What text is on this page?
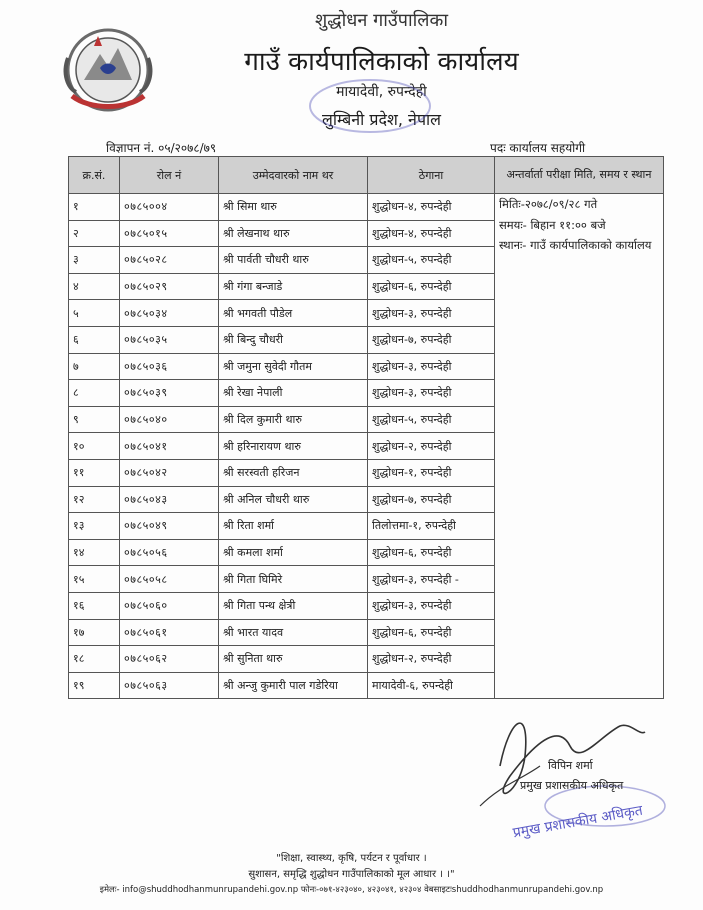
शुद्धोधन गाउँपालिका
गाउँ कार्यपालिकाको कार्यालय
मायादेवी, रुपन्देही
लुम्बिनी प्रदेश, नेपाल
विज्ञापन नं. ०५/२०७८/७९	पदः कार्यालय सहयोगी
क्र.सं.	रोल नं	उम्मेदवारको नाम थर	ठेगाना	अन्तर्वार्ता परीक्षा मिति, समय र स्थान
१	०७८५००४	श्री सिमा थारु	शुद्धोधन-४, रुपन्देही	मितिः-२०७८/०९/२८ गते
समयः- बिहान ११:०० बजे
स्थानः- गाउँ कार्यपालिकाको कार्यालय

२	०७८५०१५	श्री लेखनाथ थारु	शुद्धोधन-४, रुपन्देही	
३	०७८५०२८	श्री पार्वती चौधरी थारु	शुद्धोधन-५, रुपन्देही	
४	०७८५०२९	श्री गंगा बन्जाडे	शुद्धोधन-६, रुपन्देही	
५	०७८५०३४	श्री भगवती पौडेल	शुद्धोधन-३, रुपन्देही	
६	०७८५०३५	श्री बिन्दु चौधरी	शुद्धोधन-७, रुपन्देही	
७	०७८५०३६	श्री जमुना सुवेदी गौतम	शुद्धोधन-३, रुपन्देही	
८	०७८५०३९	श्री रेखा नेपाली	शुद्धोधन-३, रुपन्देही	
९	०७८५०४०	श्री दिल कुमारी थारु	शुद्धोधन-५, रुपन्देही	
१०	०७८५०४१	श्री हरिनारायण थारु	शुद्धोधन-२, रुपन्देही	
११	०७८५०४२	श्री सरस्वती हरिजन	शुद्धोधन-१, रुपन्देही	
१२	०७८५०४३	श्री अनिल चौधरी थारु	शुद्धोधन-७, रुपन्देही	
१३	०७८५०४९	श्री रिता शर्मा	तिलोत्तमा-१, रुपन्देही	
१४	०७८५०५६	श्री कमला शर्मा	शुद्धोधन-६, रुपन्देही	
१५	०७८५०५८	श्री गिता घिमिरे	शुद्धोधन-३, रुपन्देही -	
१६	०७८५०६०	श्री गिता पन्थ क्षेत्री	शुद्धोधन-३, रुपन्देही	
१७	०७८५०६१	श्री भारत यादव	शुद्धोधन-६, रुपन्देही	
१८	०७८५०६२	श्री सुनिता थारु	शुद्धोधन-२, रुपन्देही	
१९	०७८५०६३	श्री अन्जु कुमारी पाल गडेरिया	मायादेवी-६, रुपन्देही	
विपिन शर्मा
प्रमुख प्रशासकीय अधिकृत
प्रमुख प्रशासकीय अधिकृत
"शिक्षा, स्वास्थ्य, कृषि, पर्यटन र पूर्वाधार ।
सुशासन, समृद्धि शुद्धोधन गाउँपालिकाको मूल आधार । ।"
इमेलः- info@shuddhodhanmunrupandehi.gov.np फोनः-०७१-४२३०४०, ४२३०४१, ४२३०४ वेबसाइटःshuddhodhanmunrupandehi.gov.np
